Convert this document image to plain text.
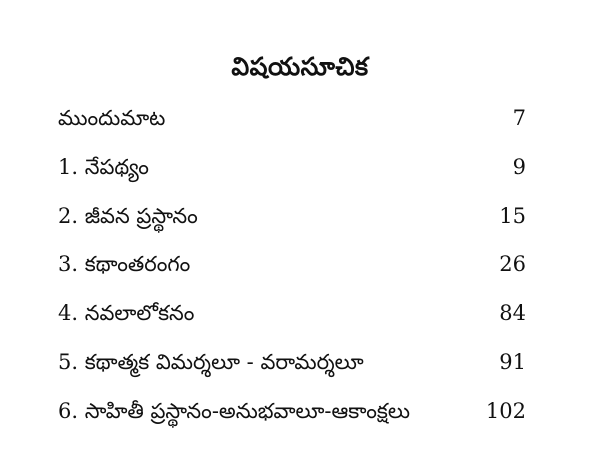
విషయసూచిక
ముందుమాట	7
1. నేపథ్యం	9
2. జీవన ప్రస్థానం	15
3. కథాంతరంగం	26
4. నవలాలోకనం	84
5. కథాత్మక విమర్శలూ - వరామర్శలూ	91
6. సాహితీ ప్రస్థానం-అనుభవాలూ-ఆకాంక్షలు	102
